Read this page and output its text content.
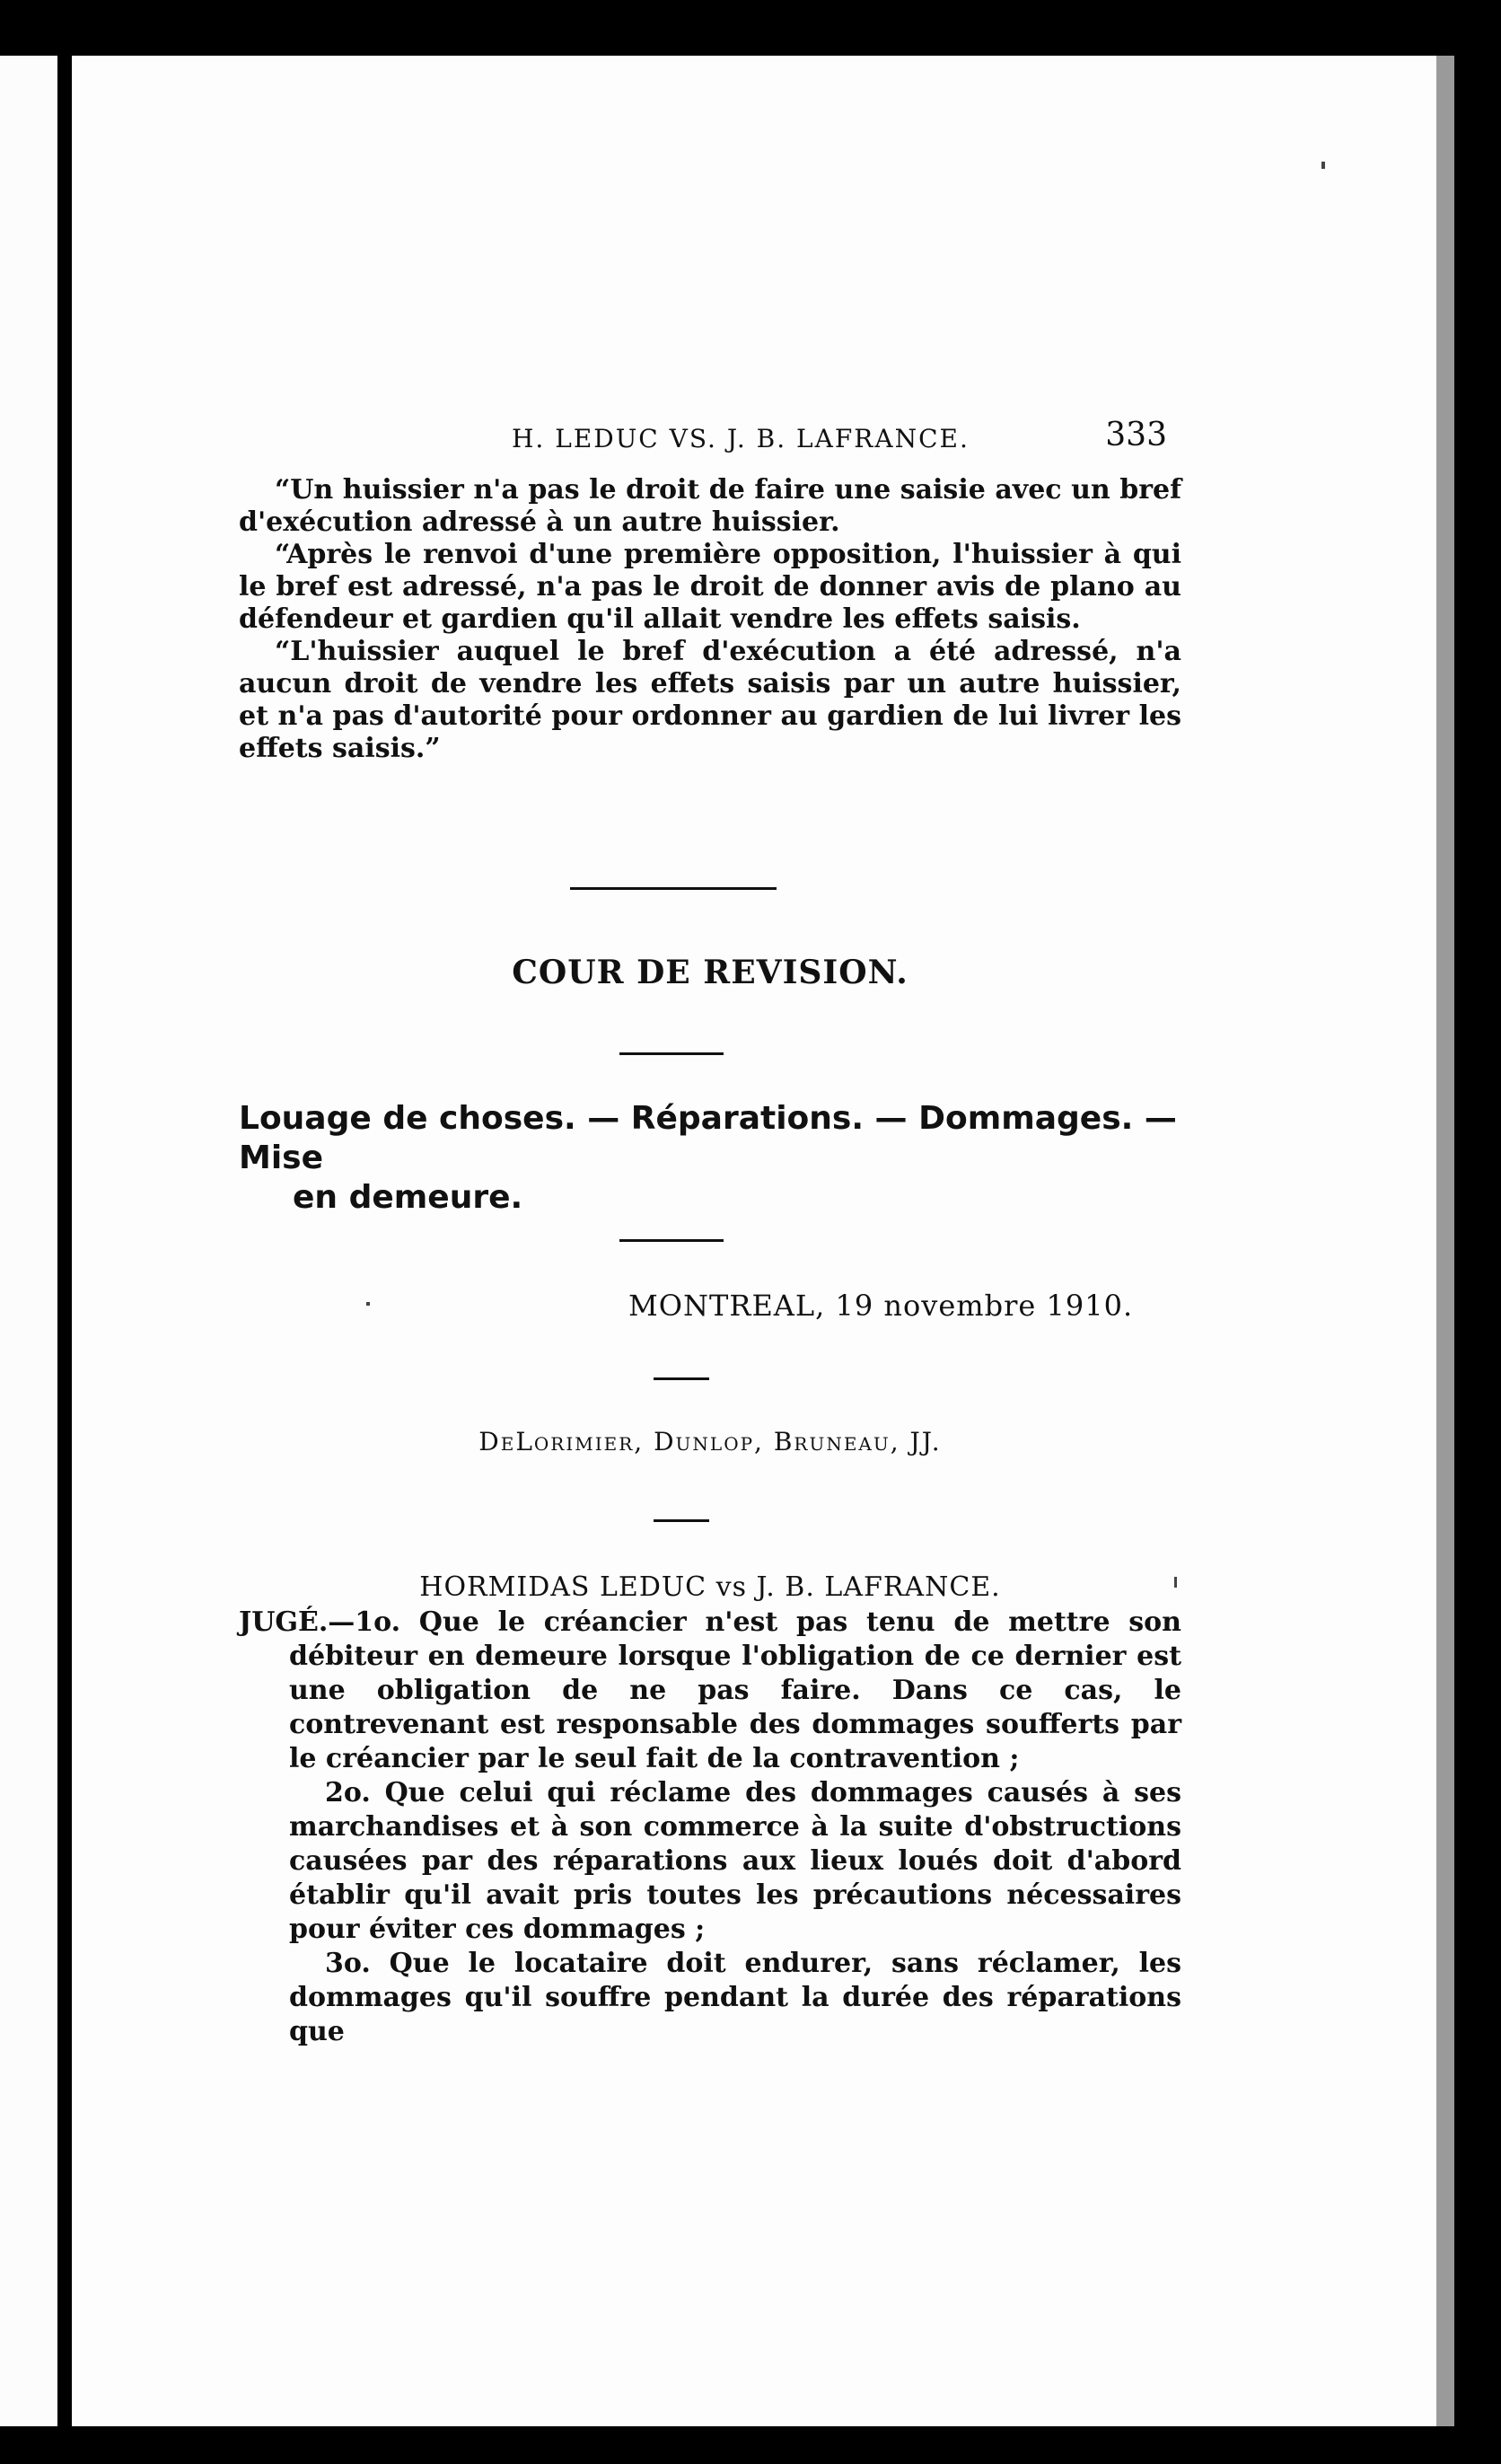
H. LEDUC VS. J. B. LAFRANCE.	333

“Un huissier n'a pas le droit de faire une saisie avec un bref d'exécution adressé à un autre huissier.

“Après le renvoi d'une première opposition, l'huissier à qui le bref est adressé, n'a pas le droit de donner avis de plano au défendeur et gardien qu'il allait vendre les effets saisis.

“L'huissier auquel le bref d'exécution a été adressé, n'a aucun droit de vendre les effets saisis par un autre huissier, et n'a pas d'autorité pour ordonner au gardien de lui livrer les effets saisis.”

COUR DE REVISION.
Louage de choses. — Réparations. — Dommages. — Mise
en demeure.
MONTREAL, 19 novembre 1910.
DeLorimier, Dunlop, Bruneau, JJ.
HORMIDAS LEDUC vs J. B. LAFRANCE.

JUGÉ.—1o. Que le créancier n'est pas tenu de mettre son débiteur en demeure lorsque l'obligation de ce dernier est une obligation de ne pas faire. Dans ce cas, le contrevenant est responsable des dommages soufferts par le créancier par le seul fait de la contravention ;

2o. Que celui qui réclame des dommages causés à ses marchandises et à son commerce à la suite d'obstructions causées par des réparations aux lieux loués doit d'abord établir qu'il avait pris toutes les précautions nécessaires pour éviter ces dommages ;

3o. Que le locataire doit endurer, sans réclamer, les dommages qu'il souffre pendant la durée des réparations que
